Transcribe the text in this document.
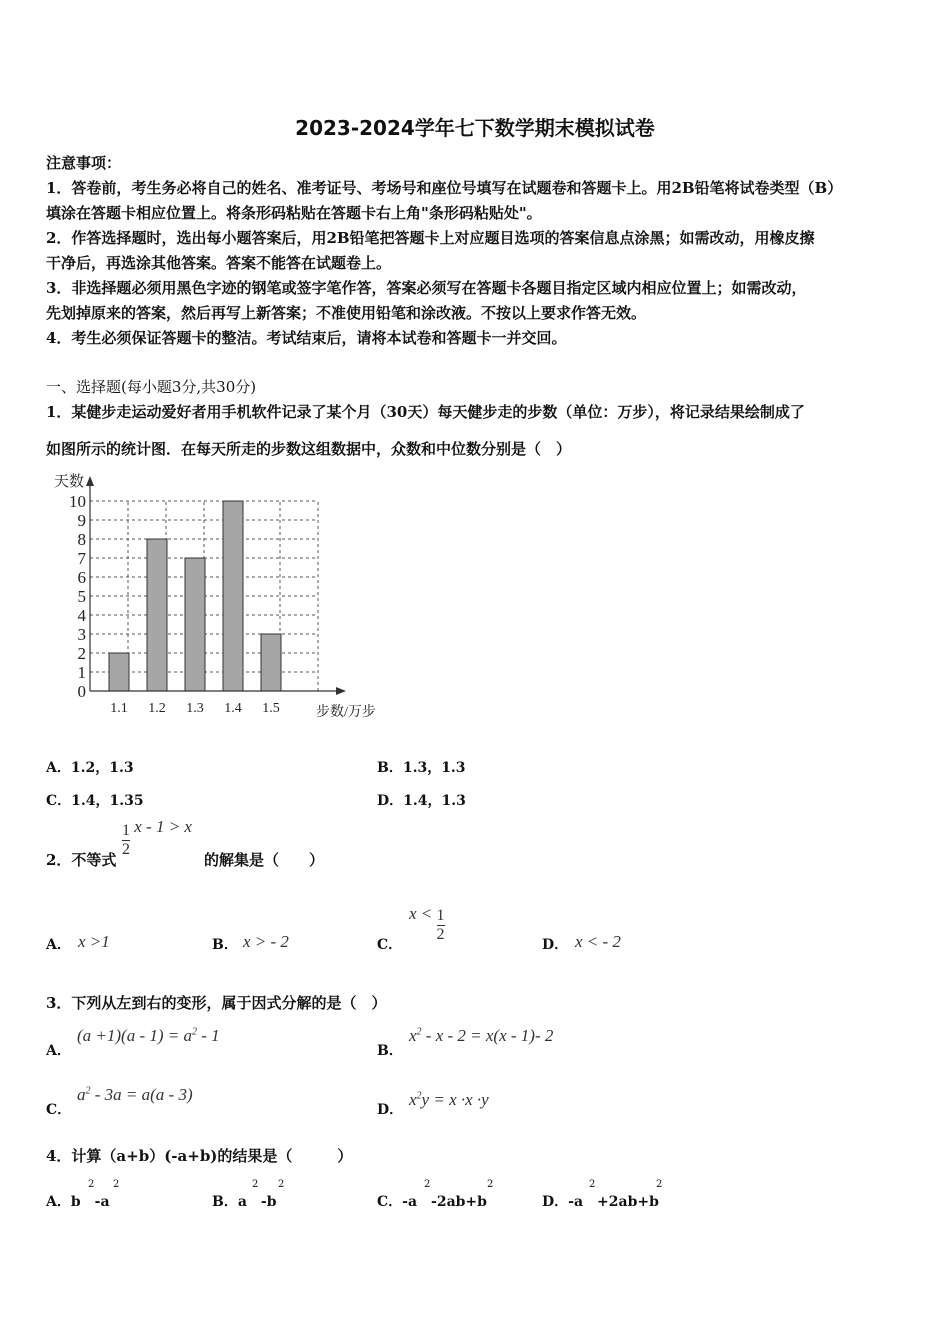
2023-2024学年七下数学期末模拟试卷
注意事项：
1．答卷前，考生务必将自己的姓名、准考证号、考场号和座位号填写在试题卷和答题卡上。用2B铅笔将试卷类型（B）
填涂在答题卡相应位置上。将条形码粘贴在答题卡右上角"条形码粘贴处"。
2．作答选择题时，选出每小题答案后，用2B铅笔把答题卡上对应题目选项的答案信息点涂黑；如需改动，用橡皮擦
干净后，再选涂其他答案。答案不能答在试题卷上。
3．非选择题必须用黑色字迹的钢笔或签字笔作答，答案必须写在答题卡各题目指定区域内相应位置上；如需改动，
先划掉原来的答案，然后再写上新答案；不准使用铅笔和涂改液。不按以上要求作答无效。
4．考生必须保证答题卡的整洁。考试结束后，请将本试卷和答题卡一并交回。
一、选择题(每小题3分,共30分)
1．某健步走运动爱好者用手机软件记录了某个月（30天）每天健步走的步数（单位：万步），将记录结果绘制成了
如图所示的统计图．在每天所走的步数这组数据中，众数和中位数分别是（　）
0
1
2
3
4
5
6
7
8
9
10
1.1 1.2 1.3 1.4 1.5
天数
步数/万步
A．1.2，1.3	B．1.3，1.3
C．1.4，1.35	D．1.4，1.3
2．不等式
$\frac{1}{2}$ x - 1 > x
的解集是（　　）
A． x >1	B． x > - 2	C．
$x < \frac{1}{2}$
D． x < - 2
3．下列从左到右的变形，属于因式分解的是（　）
A．
$(a +1)(a - 1) = a^2 - 1$
B．
$x^2 - x - 2 = x(x - 1)-$ 2
C．
$a^2 - 3a = a(a - 3)$
D．
$x^2y = x \cdot x \cdot y$
4．计算（a+b）(-a+b)的结果是（　　　）
A．b　-a
2 2
B．a　-b
2 2
C．-a　-2ab+b
2	2
D．-a　+2ab+b
2	2
